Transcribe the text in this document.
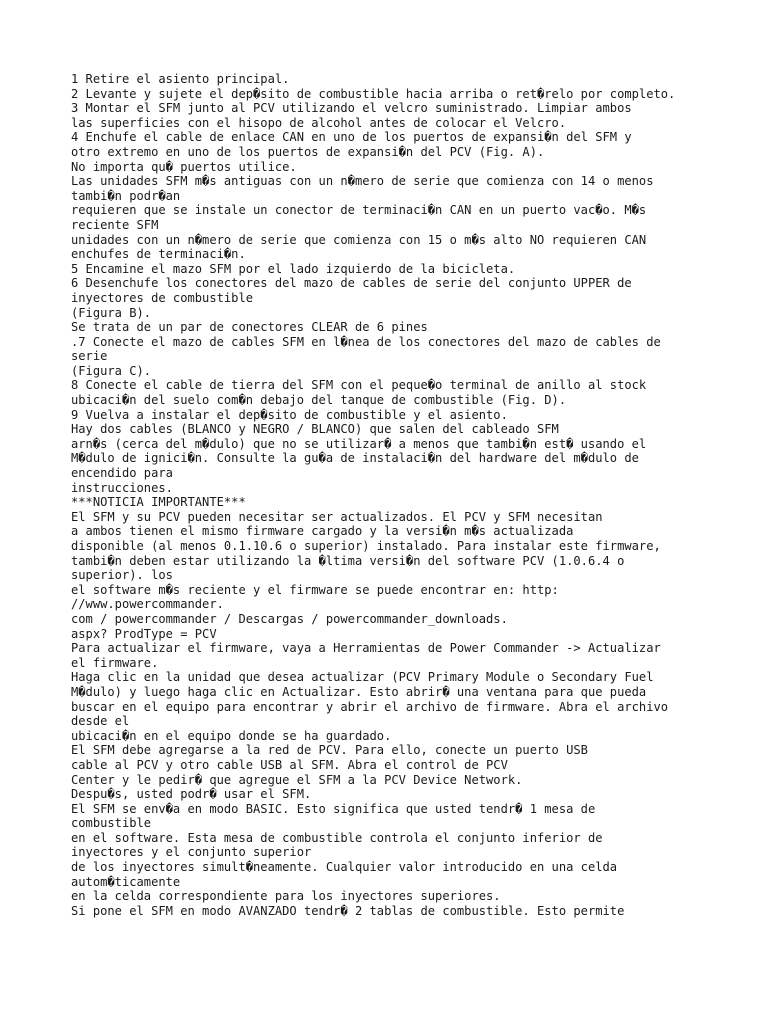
1 Retire el asiento principal.
2 Levante y sujete el dep�sito de combustible hacia arriba o ret�relo por completo.
3 Montar el SFM junto al PCV utilizando el velcro suministrado. Limpiar ambos
las superficies con el hisopo de alcohol antes de colocar el Velcro.
4 Enchufe el cable de enlace CAN en uno de los puertos de expansi�n del SFM y
otro extremo en uno de los puertos de expansi�n del PCV (Fig. A).
No importa qu� puertos utilice.
Las unidades SFM m�s antiguas con un n�mero de serie que comienza con 14 o menos
tambi�n podr�an
requieren que se instale un conector de terminaci�n CAN en un puerto vac�o. M�s
reciente SFM
unidades con un n�mero de serie que comienza con 15 o m�s alto NO requieren CAN
enchufes de terminaci�n.
5 Encamine el mazo SFM por el lado izquierdo de la bicicleta.
6 Desenchufe los conectores del mazo de cables de serie del conjunto UPPER de
inyectores de combustible
(Figura B).
Se trata de un par de conectores CLEAR de 6 pines
.7 Conecte el mazo de cables SFM en l�nea de los conectores del mazo de cables de
serie
(Figura C).
8 Conecte el cable de tierra del SFM con el peque�o terminal de anillo al stock
ubicaci�n del suelo com�n debajo del tanque de combustible (Fig. D).
9 Vuelva a instalar el dep�sito de combustible y el asiento.
Hay dos cables (BLANCO y NEGRO / BLANCO) que salen del cableado SFM
arn�s (cerca del m�dulo) que no se utilizar� a menos que tambi�n est� usando el
M�dulo de ignici�n. Consulte la gu�a de instalaci�n del hardware del m�dulo de
encendido para
instrucciones.
***NOTICIA IMPORTANTE***
El SFM y su PCV pueden necesitar ser actualizados. El PCV y SFM necesitan
a ambos tienen el mismo firmware cargado y la versi�n m�s actualizada
disponible (al menos 0.1.10.6 o superior) instalado. Para instalar este firmware,
tambi�n deben estar utilizando la �ltima versi�n del software PCV (1.0.6.4 o
superior). los
el software m�s reciente y el firmware se puede encontrar en: http:
//www.powercommander.
com / powercommander / Descargas / powercommander_downloads.
aspx? ProdType = PCV
Para actualizar el firmware, vaya a Herramientas de Power Commander -> Actualizar
el firmware.
Haga clic en la unidad que desea actualizar (PCV Primary Module o Secondary Fuel
M�dulo) y luego haga clic en Actualizar. Esto abrir� una ventana para que pueda
buscar en el equipo para encontrar y abrir el archivo de firmware. Abra el archivo
desde el
ubicaci�n en el equipo donde se ha guardado.
El SFM debe agregarse a la red de PCV. Para ello, conecte un puerto USB
cable al PCV y otro cable USB al SFM. Abra el control de PCV
Center y le pedir� que agregue el SFM a la PCV Device Network.
Despu�s, usted podr� usar el SFM.
El SFM se env�a en modo BASIC. Esto significa que usted tendr� 1 mesa de
combustible
en el software. Esta mesa de combustible controla el conjunto inferior de
inyectores y el conjunto superior
de los inyectores simult�neamente. Cualquier valor introducido en una celda
autom�ticamente
en la celda correspondiente para los inyectores superiores.
Si pone el SFM en modo AVANZADO tendr� 2 tablas de combustible. Esto permite
